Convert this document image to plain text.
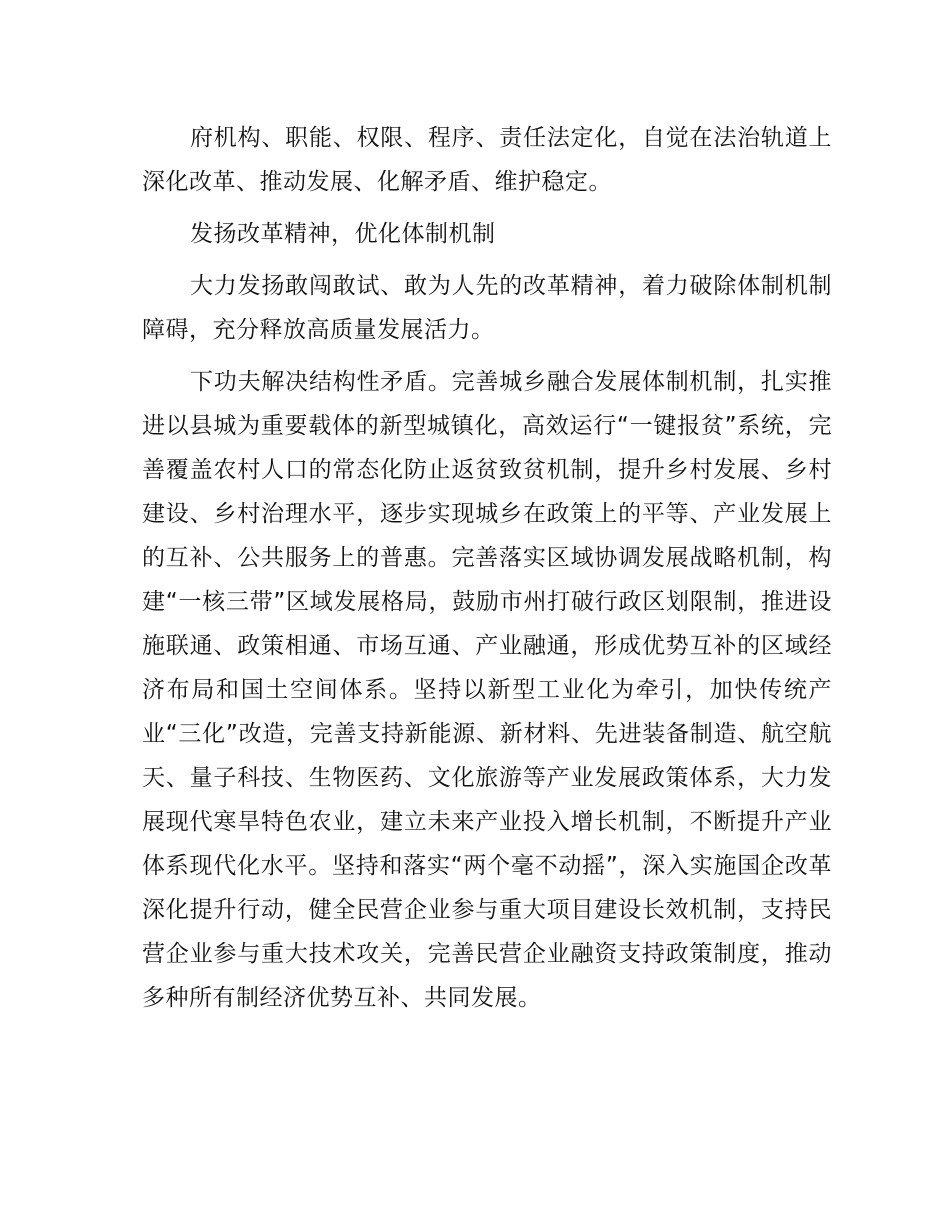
府机构、职能、权限、程序、责任法定化，自觉在法治轨道上深化改革、推动发展、化解矛盾、维护稳定。

发扬改革精神，优化体制机制

大力发扬敢闯敢试、敢为人先的改革精神，着力破除体制机制障碍，充分释放高质量发展活力。

下功夫解决结构性矛盾。完善城乡融合发展体制机制，扎实推进以县城为重要载体的新型城镇化，高效运行“一键报贫”系统，完善覆盖农村人口的常态化防止返贫致贫机制，提升乡村发展、乡村建设、乡村治理水平，逐步实现城乡在政策上的平等、产业发展上的互补、公共服务上的普惠。完善落实区域协调发展战略机制，构建“一核三带”区域发展格局，鼓励市州打破行政区划限制，推进设施联通、政策相通、市场互通、产业融通，形成优势互补的区域经济布局和国土空间体系。坚持以新型工业化为牵引，加快传统产业“三化”改造，完善支持新能源、新材料、先进装备制造、航空航天、量子科技、生物医药、文化旅游等产业发展政策体系，大力发展现代寒旱特色农业，建立未来产业投入增长机制，不断提升产业体系现代化水平。坚持和落实“两个毫不动摇”，深入实施国企改革深化提升行动，健全民营企业参与重大项目建设长效机制，支持民营企业参与重大技术攻关，完善民营企业融资支持政策制度，推动多种所有制经济优势互补、共同发展。
